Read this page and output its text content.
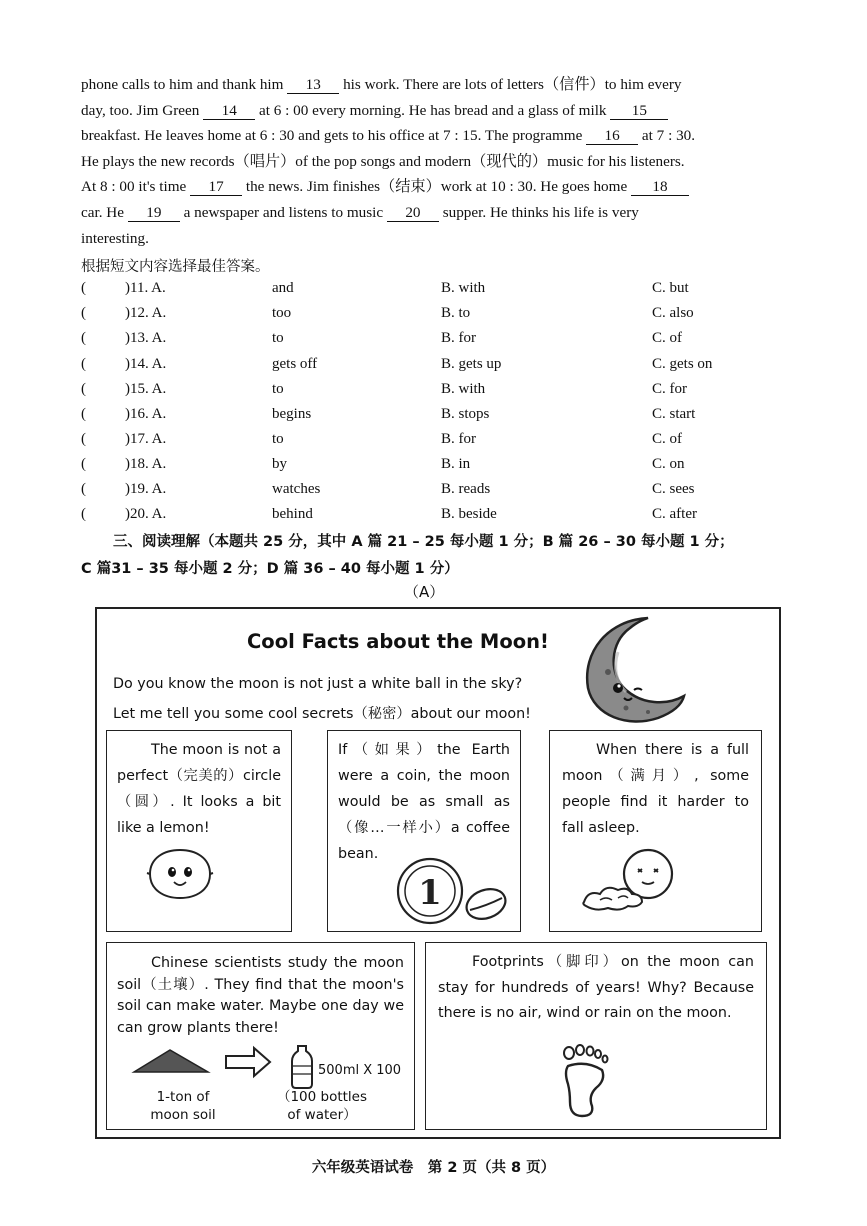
phone calls to him and thank him 13 his work. There are lots of letters（信件）to him every
day, too. Jim Green 14 at 6 : 00 every morning. He has bread and a glass of milk 15
breakfast. He leaves home at 6 : 30 and gets to his office at 7 : 15. The programme 16 at 7 : 30.
He plays the new records（唱片）of the pop songs and modern（现代的）music for his listeners.
At 8 : 00 it's time 17 the news. Jim finishes（结束）work at 10 : 30. He goes home 18
car. He 19 a newspaper and listens to music 20 supper. He thinks his life is very
interesting.
根据短文内容选择最佳答案。
(	)11. A.	and	B. with	C. but
(	)12. A.	too	B. to	C. also
(	)13. A.	to	B. for	C. of
(	)14. A.	gets off	B. gets up	C. gets on
(	)15. A.	to	B. with	C. for
(	)16. A.	begins	B. stops	C. start
(	)17. A.	to	B. for	C. of
(	)18. A.	by	B. in	C. on
(	)19. A.	watches	B. reads	C. sees
(	)20. A.	behind	B. beside	C. after
三、阅读理解（本题共 25 分，其中 A 篇 21 – 25 每小题 1 分；B 篇 26 – 30 每小题 1 分；
C 篇31 – 35 每小题 2 分；D 篇 36 – 40 每小题 1 分）
（A）
Cool Facts about the Moon!
Do you know the moon is not just a white ball in the sky?
Let me tell you some cool secrets（秘密）about our moon!
The moon is not a perfect（完美的）circle（圆）. It looks a bit like a lemon!
If（如果）the Earth were a coin, the moon would be as small as（像…一样小）a coffee bean.
1
When there is a full moon（满月）, some people find it harder to fall asleep.
Chinese scientists study the moon soil（土壤）. They find that the moon's soil can make water. Maybe one day we can grow plants there!
500ml X 100
1-ton of
moon soil
（100 bottles
of water）
Footprints（脚印）on the moon can stay for hundreds of years! Why? Because there is no air, wind or rain on the moon.
六年级英语试卷　第 2 页（共 8 页）
